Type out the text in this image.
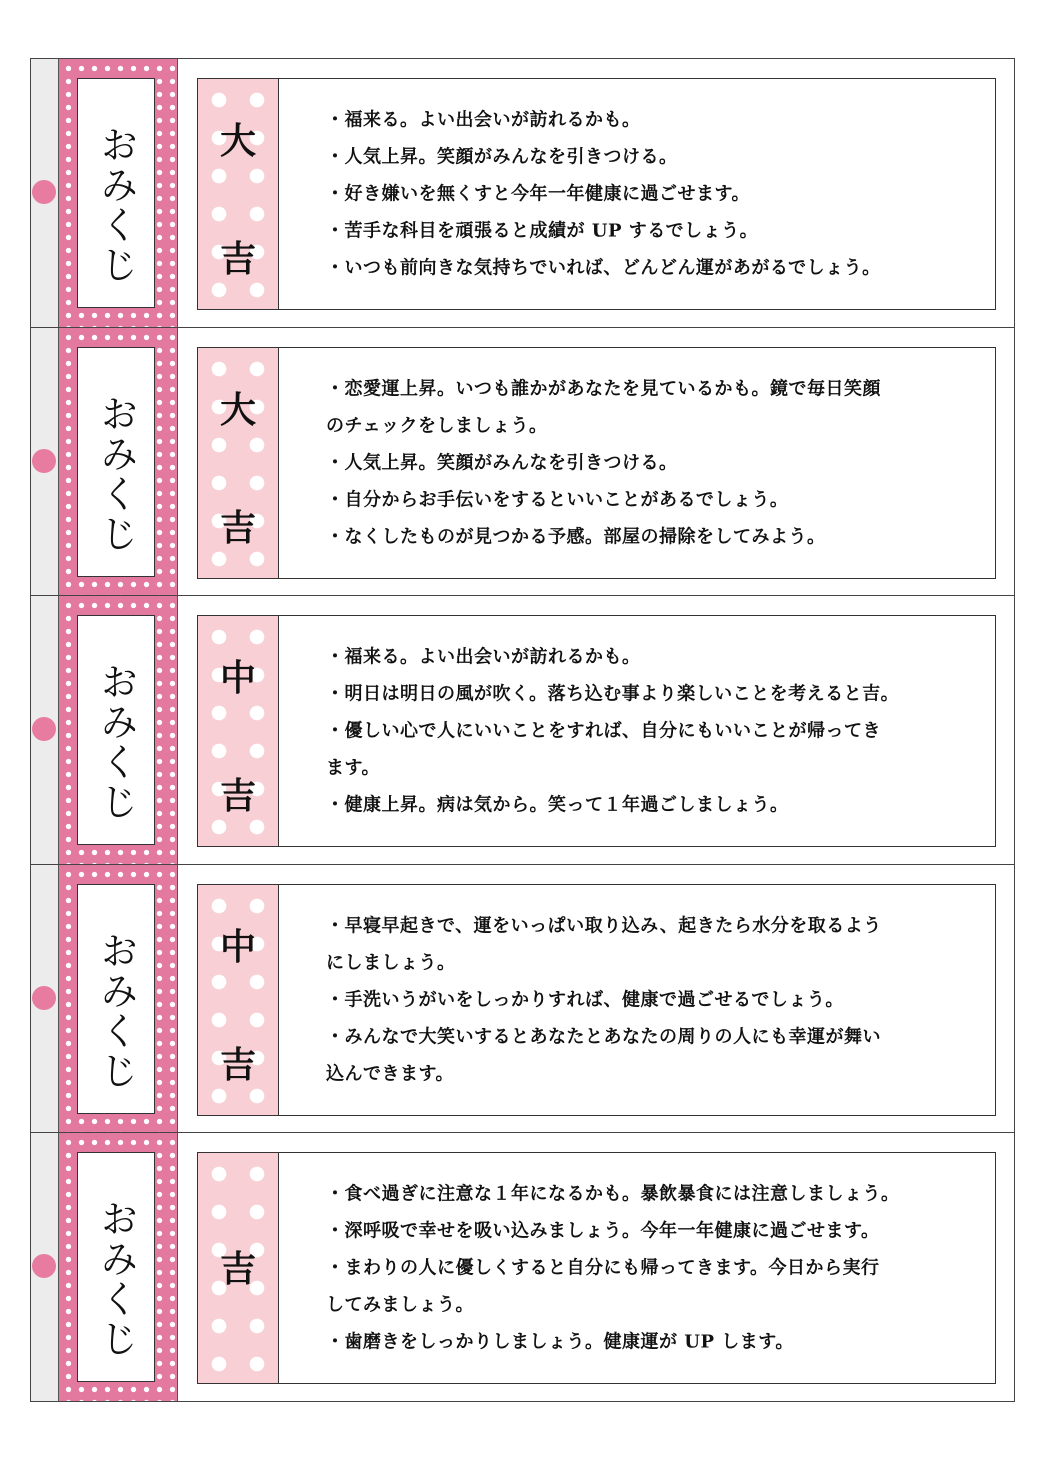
おみくじ	大
吉
・福来る。よい出会いが訪れるかも。
・人気上昇。笑顔がみんなを引きつける。
・好き嫌いを無くすと今年一年健康に過ごせます。
・苦手な科目を頑張ると成績が UP するでしょう。
・いつも前向きな気持ちでいれば、どんどん運があがるでしょう。
おみくじ	大
吉
・恋愛運上昇。いつも誰かがあなたを見ているかも。鏡で毎日笑顔
のチェックをしましょう。
・人気上昇。笑顔がみんなを引きつける。
・自分からお手伝いをするといいことがあるでしょう。
・なくしたものが見つかる予感。部屋の掃除をしてみよう。
おみくじ	中
吉
・福来る。よい出会いが訪れるかも。
・明日は明日の風が吹く。落ち込む事より楽しいことを考えると吉。
・優しい心で人にいいことをすれば、自分にもいいことが帰ってき
ます。
・健康上昇。病は気から。笑って１年過ごしましょう。
おみくじ	中
吉
・早寝早起きで、運をいっぱい取り込み、起きたら水分を取るよう
にしましょう。
・手洗いうがいをしっかりすれば、健康で過ごせるでしょう。
・みんなで大笑いするとあなたとあなたの周りの人にも幸運が舞い
込んできます。
おみくじ	吉
・食べ過ぎに注意な１年になるかも。暴飲暴食には注意しましょう。
・深呼吸で幸せを吸い込みましょう。今年一年健康に過ごせます。
・まわりの人に優しくすると自分にも帰ってきます。今日から実行
してみましょう。
・歯磨きをしっかりしましょう。健康運が UP します。
